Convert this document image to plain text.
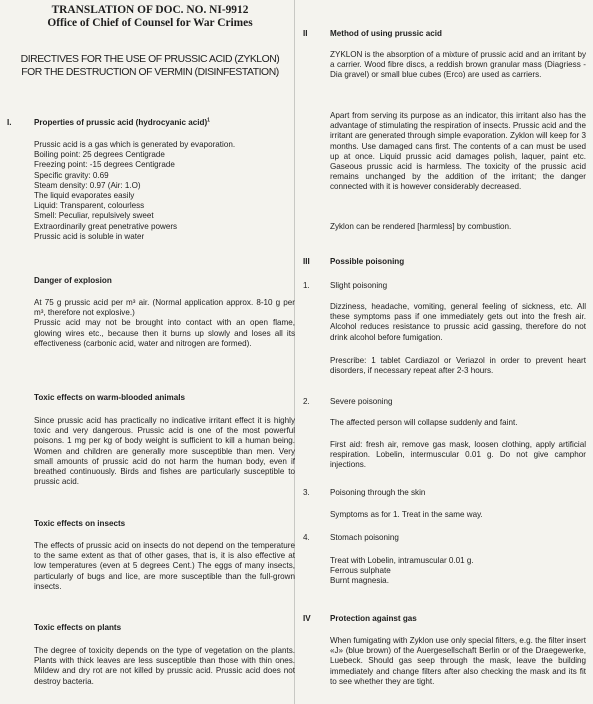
TRANSLATION OF DOC. NO. NI-9912
Office of Chief of Counsel for War Crimes
DIRECTIVES FOR THE USE OF PRUSSIC ACID (ZYKLON)
FOR THE DESTRUCTION OF VERMIN (DISINFESTATION)
I.	Properties of prussic acid (hydrocyanic acid)$^1$
Prussic acid is a gas which is generated by evaporation.
Boiling point: 25 degrees Centigrade
Freezing point: -15 degrees Centigrade
Specific gravity: 0.69
Steam density: 0.97 (Air: 1.O)
The liquid evaporates easily
Liquid: Transparent, colourless
Smell: Peculiar, repulsively sweet
Extraordinarily great penetrative powers
Prussic acid is soluble in water
Danger of explosion
At 75 g prussic acid per m³ air. (Normal application approx. 8-10 g per m³, therefore not explosive.)
Prussic acid may not be brought into contact with an open flame, glowing wires etc., because then it burns up slowly and loses all its effectiveness (carbonic acid, water and nitrogen are formed).
Toxic effects on warm-blooded animals
Since prussic acid has practically no indicative irritant effect it is highly toxic and very dangerous. Prussic acid is one of the most powerful poisons. 1 mg per kg of body weight is sufficient to kill a human being. Women and children are generally more susceptible than men. Very small amounts of prussic acid do not harm the human body, even if breathed continuously. Birds and fishes are particularly susceptible to prussic acid.
Toxic effects on insects
The effects of prussic acid on insects do not depend on the temperature to the same extent as that of other gases, that is, it is also effective at low temperatures (even at 5 degrees Cent.) The eggs of many insects, particularly of bugs and lice, are more susceptible than the full-grown insects.
Toxic effects on plants
The degree of toxicity depends on the type of vegetation on the plants. Plants with thick leaves are less susceptible than those with thin ones. Mildew and dry rot are not killed by prussic acid. Prussic acid does not destroy bacteria.
II	Method of using prussic acid
ZYKLON is the absorption of a mixture of prussic acid and an irritant by a carrier. Wood fibre discs, a reddish brown granular mass (Diagriess - Dia gravel) or small blue cubes (Erco) are used as carriers.
Apart from serving its purpose as an indicator, this irritant also has the advantage of stimulating the respiration of insects. Prussic acid and the irritant are generated through simple evaporation. Zyklon will keep for 3 months. Use damaged cans first. The contents of a can must be used up at once. Liquid prussic acid damages polish, laquer, paint etc. Gaseous prussic acid is harmless. The toxicity of the prussic acid remains unchanged by the addition of the irritant; the danger connected with it is however considerably decreased.
Zyklon can be rendered [harmless] by combustion.
III	Possible poisoning
1. Slight poisoning
Dizziness, headache, vomiting, general feeling of sickness, etc. All these symptoms pass if one immediately gets out into the fresh air. Alcohol reduces resistance to prussic acid gassing, therefore do not drink alcohol before fumigation.
Prescribe: 1 tablet Cardiazol or Veriazol in order to prevent heart disorders, if necessary repeat after 2-3 hours.
2. Severe poisoning
The affected person will collapse suddenly and faint.
First aid: fresh air, remove gas mask, loosen clothing, apply artificial respiration. Lobelin, intermuscular 0.01 g. Do not give camphor injections.
3. Poisoning through the skin
Symptoms as for 1. Treat in the same way.
4. Stomach poisoning
Treat with Lobelin, intramuscular 0.01 g.
Ferrous sulphate
Burnt magnesia.
IV Protection against gas
When fumigating with Zyklon use only special filters, e.g. the filter insert «J» (blue brown) of the Auergesellschaft Berlin or of the Draegewerke, Luebeck. Should gas seep through the mask, leave the building immediately and change filters after also checking the mask and its fit to see whether they are tight.
